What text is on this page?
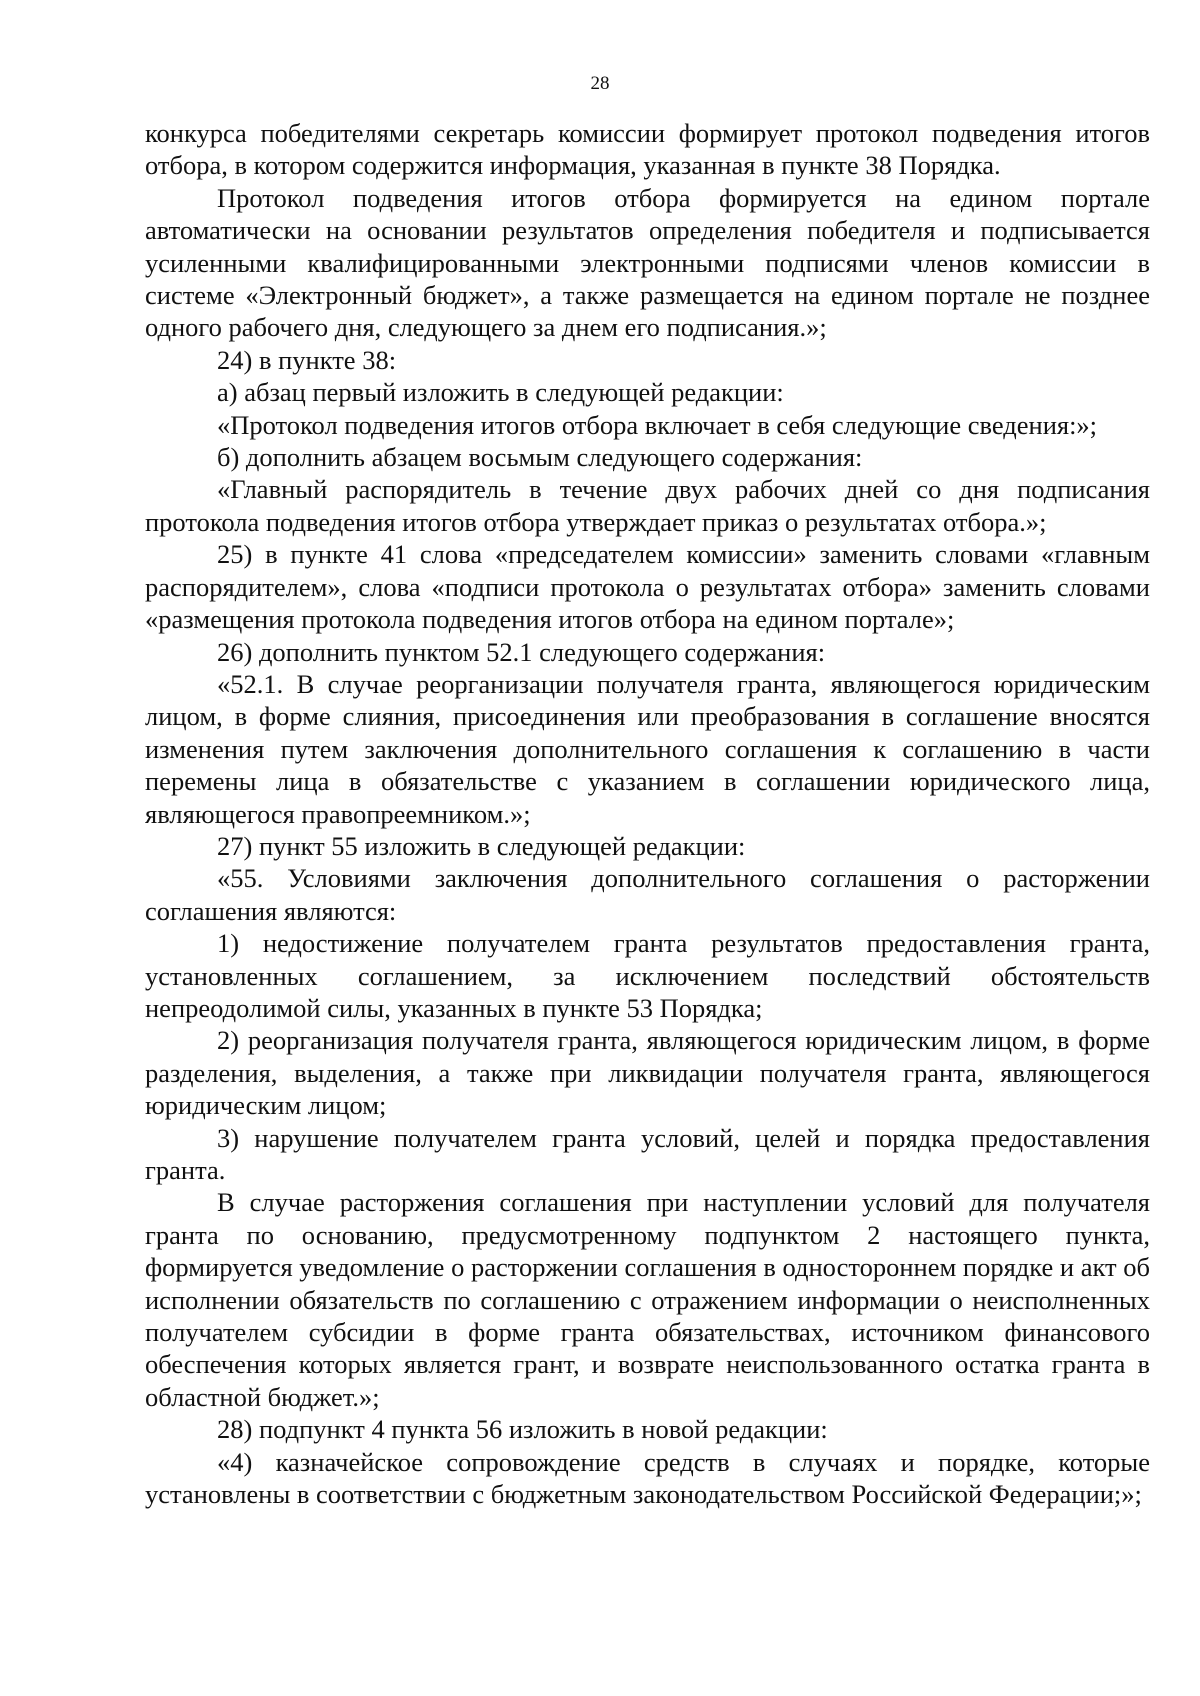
28

конкурса победителями секретарь комиссии формирует протокол подведения итогов отбора, в котором содержится информация, указанная в пункте 38 Порядка.

Протокол подведения итогов отбора формируется на едином портале автоматически на основании результатов определения победителя и подписывается усиленными квалифицированными электронными подписями членов комиссии в системе «Электронный бюджет», а также размещается на едином портале не позднее одного рабочего дня, следующего за днем его подписания.»;

24) в пункте 38:

а) абзац первый изложить в следующей редакции:

«Протокол подведения итогов отбора включает в себя следующие сведения:»;

б) дополнить абзацем восьмым следующего содержания:

«Главный распорядитель в течение двух рабочих дней со дня подписания протокола подведения итогов отбора утверждает приказ о результатах отбора.»;

25) в пункте 41 слова «председателем комиссии» заменить словами «главным распорядителем», слова «подписи протокола о результатах отбора» заменить словами «размещения протокола подведения итогов отбора на едином портале»;

26) дополнить пунктом 52.1 следующего содержания:

«52.1. В случае реорганизации получателя гранта, являющегося юридическим лицом, в форме слияния, присоединения или преобразования в соглашение вносятся изменения путем заключения дополнительного соглашения к соглашению в части перемены лица в обязательстве с указанием в соглашении юридического лица, являющегося правопреемником.»;

27) пункт 55 изложить в следующей редакции:

«55. Условиями заключения дополнительного соглашения о расторжении соглашения являются:

1) недостижение получателем гранта результатов предоставления гранта, установленных соглашением, за исключением последствий обстоятельств непреодолимой силы, указанных в пункте 53 Порядка;

2) реорганизация получателя гранта, являющегося юридическим лицом, в форме разделения, выделения, а также при ликвидации получателя гранта, являющегося юридическим лицом;

3) нарушение получателем гранта условий, целей и порядка предоставления гранта.

В случае расторжения соглашения при наступлении условий для получателя гранта по основанию, предусмотренному подпунктом 2 настоящего пункта, формируется уведомление о расторжении соглашения в одностороннем порядке и акт об исполнении обязательств по соглашению с отражением информации о неисполненных получателем субсидии в форме гранта обязательствах, источником финансового обеспечения которых является грант, и возврате неиспользованного остатка гранта в областной бюджет.»;

28) подпункт 4 пункта 56 изложить в новой редакции:

«4) казначейское сопровождение средств в случаях и порядке, которые установлены в соответствии с бюджетным законодательством Российской Федерации;»;
